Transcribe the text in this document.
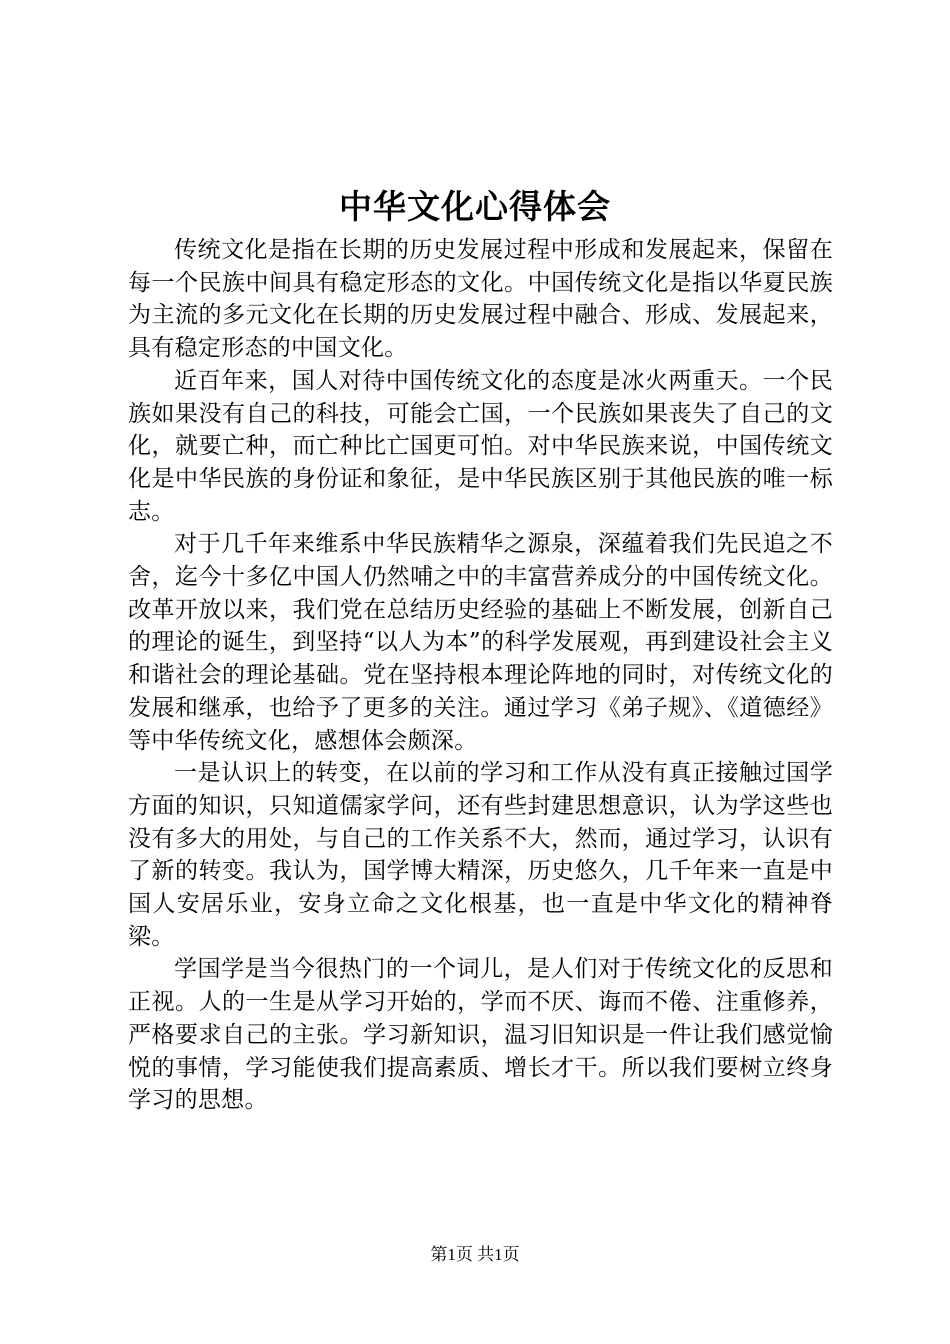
中华文化心得体会

传统文化是指在长期的历史发展过程中形成和发展起来，保留在每一个民族中间具有稳定形态的文化。中国传统文化是指以华夏民族为主流的多元文化在长期的历史发展过程中融合、形成、发展起来，具有稳定形态的中国文化。

近百年来，国人对待中国传统文化的态度是冰火两重天。一个民族如果没有自己的科技，可能会亡国，一个民族如果丧失了自己的文化，就要亡种，而亡种比亡国更可怕。对中华民族来说，中国传统文化是中华民族的身份证和象征，是中华民族区别于其他民族的唯一标志。

对于几千年来维系中华民族精华之源泉，深蕴着我们先民追之不舍，迄今十多亿中国人仍然哺之中的丰富营养成分的中国传统文化。改革开放以来，我们党在总结历史经验的基础上不断发展，创新自己的理论的诞生，到坚持“以人为本”的科学发展观，再到建设社会主义和谐社会的理论基础。党在坚持根本理论阵地的同时，对传统文化的发展和继承，也给予了更多的关注。通过学习《弟子规》、《道德经》等中华传统文化，感想体会颇深。

一是认识上的转变，在以前的学习和工作从没有真正接触过国学方面的知识，只知道儒家学问，还有些封建思想意识，认为学这些也没有多大的用处，与自己的工作关系不大，然而，通过学习，认识有了新的转变。我认为，国学博大精深，历史悠久，几千年来一直是中国人安居乐业，安身立命之文化根基，也一直是中华文化的精神脊梁。

学国学是当今很热门的一个词儿，是人们对于传统文化的反思和正视。人的一生是从学习开始的，学而不厌、诲而不倦、注重修养，严格要求自己的主张。学习新知识，温习旧知识是一件让我们感觉愉悦的事情，学习能使我们提高素质、增长才干。所以我们要树立终身学习的思想。

第1页 共1页
